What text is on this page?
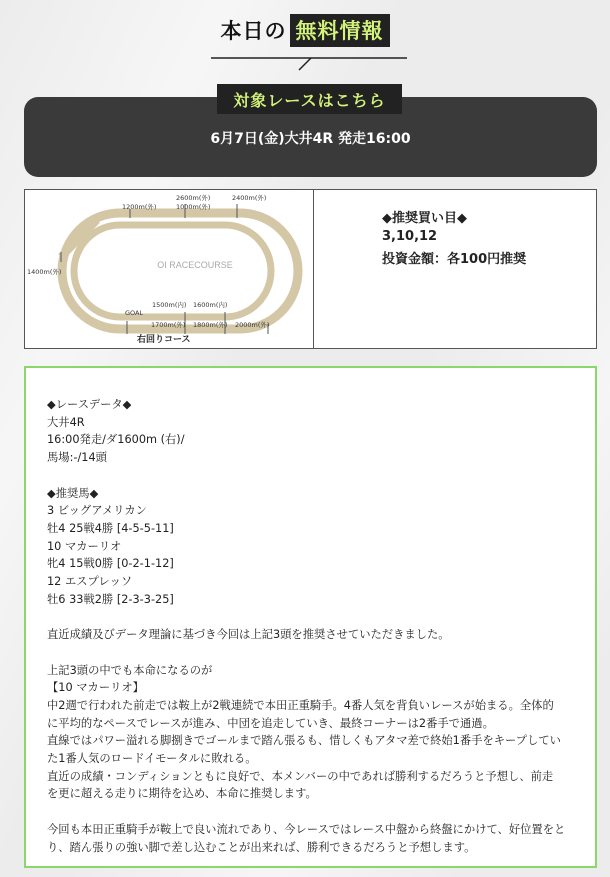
本日の 無料情報
対象レースはこちら
6月7日(金)大井4R 発走16:00
OI RACECOURSE
1200m(外)
2600m(外)
1000m(外)
2400m(外)
1400m(外)
1500m(内) 1600m(内)
1700m(外) 1800m(外) 2000m(外)
GOAL
右回りコース
◆推奨買い目◆
3,10,12
投資金額：各100円推奨

◆レースデータ◆

大井4R

16:00発走/ダ1600m (右)/

馬場:-/14頭

◆推奨馬◆

3 ビッグアメリカン

牡4 25戦4勝 [4-5-5-11]

10 マカーリオ

牝4 15戦0勝 [0-2-1-12]

12 エスプレッソ

牡6 33戦2勝 [2-3-3-25]

直近成績及びデータ理論に基づき今回は上記3頭を推奨させていただきました。

上記3頭の中でも本命になるのが

【10 マカーリオ】

中2週で行われた前走では鞍上が2戦連続で本田正重騎手。4番人気を背負いレースが始まる。全体的

に平均的なペースでレースが進み、中団を追走していき、最終コーナーは2番手で通過。

直線ではパワー溢れる脚捌きでゴールまで踏ん張るも、惜しくもアタマ差で終始1番手をキープしてい

た1番人気のロードイモータルに敗れる。

直近の成績・コンディションともに良好で、本メンバーの中であれば勝利するだろうと予想し、前走

を更に超える走りに期待を込め、本命に推奨します。

今回も本田正重騎手が鞍上で良い流れであり、今レースではレース中盤から終盤にかけて、好位置をと

り、踏ん張りの強い脚で差し込むことが出来れば、勝利できるだろうと予想します。
